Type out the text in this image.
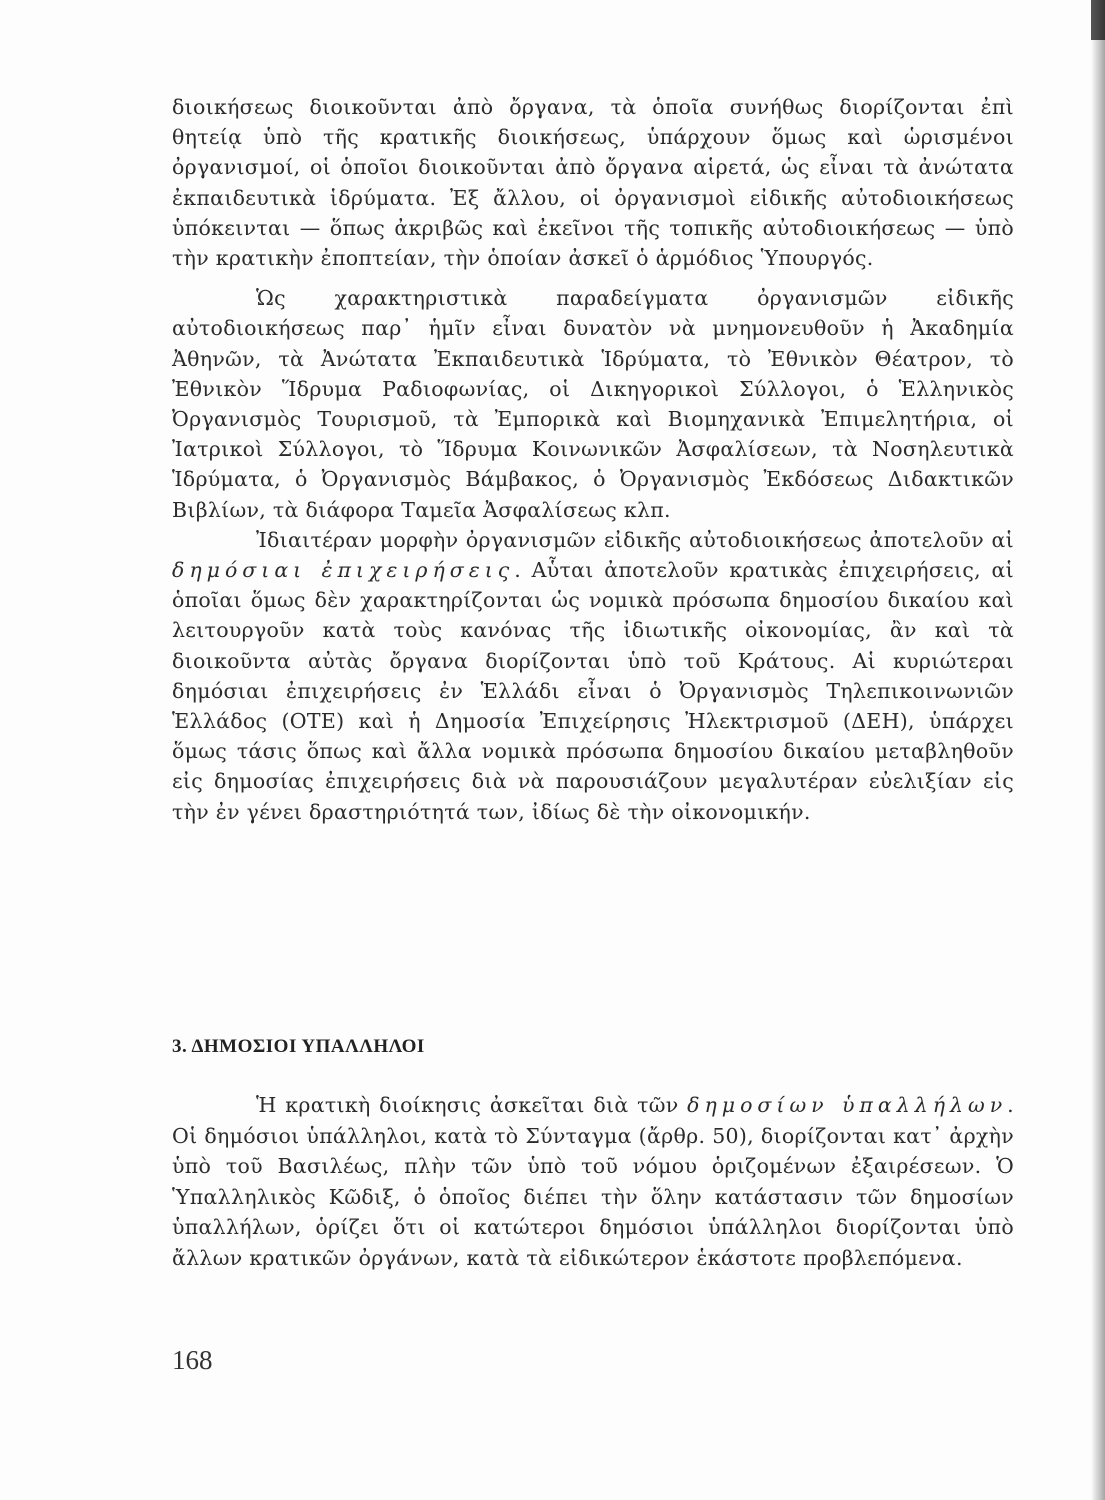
διοικήσεως διοικοῦνται ἀπὸ ὄργανα, τὰ ὁποῖα συνήθως διορίζονται ἐπὶ θητείᾳ ὑπὸ τῆς κρατικῆς διοικήσεως, ὑπάρχουν ὅμως καὶ ὡρισμένοι ὀργανισμοί, οἱ ὁποῖοι διοικοῦνται ἀπὸ ὄργανα αἱρετά, ὡς εἶναι τὰ ἀνώτατα ἐκπαιδευτικὰ ἱδρύματα. Ἐξ ἄλλου, οἱ ὀργανισμοὶ εἰδικῆς αὐτοδιοικήσεως ὑπόκεινται — ὅπως ἀκριβῶς καὶ ἐκεῖνοι τῆς τοπικῆς αὐτοδιοικήσεως — ὑπὸ τὴν κρατικὴν ἐποπτείαν, τὴν ὁποίαν ἀσκεῖ ὁ ἁρμόδιος Ὑπουργός.

Ὡς χαρακτηριστικὰ παραδείγματα ὀργανισμῶν εἰδικῆς αὐτοδιοικήσεως παρ᾿ ἡμῖν εἶναι δυνατὸν νὰ μνημονευθοῦν ἡ Ἀκαδημία Ἀθηνῶν, τὰ Ἀνώτατα Ἐκπαιδευτικὰ Ἱδρύματα, τὸ Ἐθνικὸν Θέατρον, τὸ Ἐθνικὸν Ἵδρυμα Ραδιοφωνίας, οἱ Δικηγορικοὶ Σύλλογοι, ὁ Ἑλληνικὸς Ὀργανισμὸς Τουρισμοῦ, τὰ Ἐμπορικὰ καὶ Βιομηχανικὰ Ἐπιμελητήρια, οἱ Ἰατρικοὶ Σύλλογοι, τὸ Ἵδρυμα Κοινωνικῶν Ἀσφαλίσεων, τὰ Νοσηλευτικὰ Ἱδρύματα, ὁ Ὀργανισμὸς Βάμβακος, ὁ Ὀργανισμὸς Ἐκδόσεως Διδακτικῶν Βιβλίων, τὰ διάφορα Ταμεῖα Ἀσφαλίσεως κλπ.

Ἰδιαιτέραν μορφὴν ὀργανισμῶν εἰδικῆς αὐτοδιοικήσεως ἀποτελοῦν αἱ δημόσιαι ἐπιχειρήσεις. Αὗται ἀποτελοῦν κρατικὰς ἐπιχειρήσεις, αἱ ὁποῖαι ὅμως δὲν χαρακτηρίζονται ὡς νομικὰ πρόσωπα δημοσίου δικαίου καὶ λειτουργοῦν κατὰ τοὺς κανόνας τῆς ἰδιωτικῆς οἰκονομίας, ἂν καὶ τὰ διοικοῦντα αὐτὰς ὄργανα διορίζονται ὑπὸ τοῦ Κράτους. Αἱ κυριώτεραι δημόσιαι ἐπιχειρήσεις ἐν Ἑλλάδι εἶναι ὁ Ὀργανισμὸς Τηλεπικοινωνιῶν Ἑλλάδος (ΟΤΕ) καὶ ἡ Δημοσία Ἐπιχείρησις Ἠλεκτρισμοῦ (ΔΕΗ), ὑπάρχει ὅμως τάσις ὅπως καὶ ἄλλα νομικὰ πρόσωπα δημοσίου δικαίου μεταβληθοῦν εἰς δημοσίας ἐπιχειρήσεις διὰ νὰ παρουσιάζουν μεγαλυτέραν εὐελιξίαν εἰς τὴν ἐν γένει δραστηριότητά των, ἰδίως δὲ τὴν οἰκονομικήν.

3. ΔΗΜΟΣΙΟΙ ΥΠΑΛΛΗΛΟΙ

Ἡ κρατικὴ διοίκησις ἀσκεῖται διὰ τῶν δημοσίων ὑπαλλήλων. Οἱ δημόσιοι ὑπάλληλοι, κατὰ τὸ Σύνταγμα (ἄρθρ. 50), διορίζονται κατ᾿ ἀρχὴν ὑπὸ τοῦ Βασιλέως, πλὴν τῶν ὑπὸ τοῦ νόμου ὁριζομένων ἐξαιρέσεων. Ὁ Ὑπαλληλικὸς Κῶδιξ, ὁ ὁποῖος διέπει τὴν ὅλην κατάστασιν τῶν δημοσίων ὑπαλλήλων, ὁρίζει ὅτι οἱ κατώτεροι δημόσιοι ὑπάλληλοι διορίζονται ὑπὸ ἄλλων κρατικῶν ὀργάνων, κατὰ τὰ εἰδικώτερον ἑκάστοτε προβλεπόμενα.

168
